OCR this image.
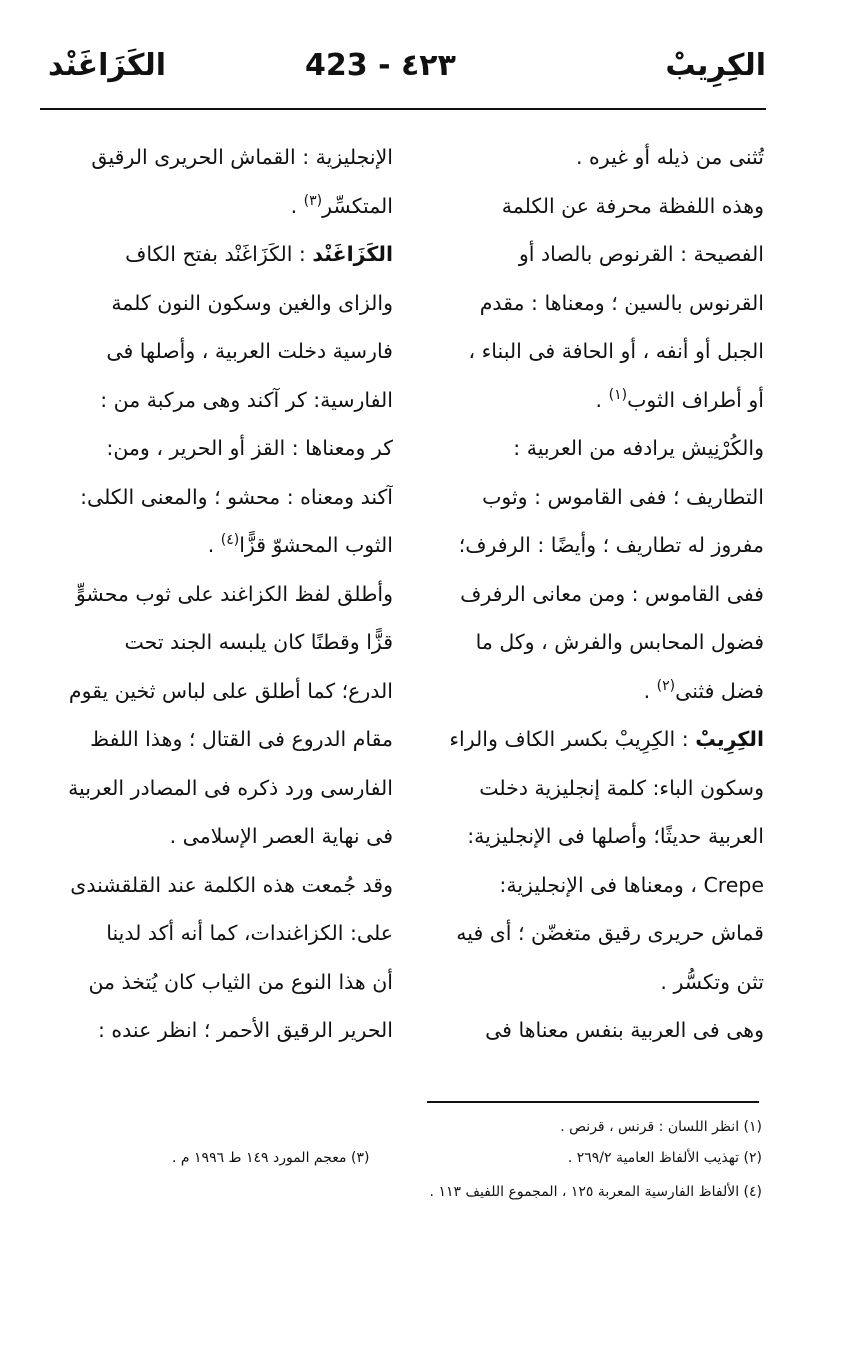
الكِرِيبْ
423 - ٤٢٣
الكَزَاغَنْد
تُثنى من ذيله أو غيره .
وهذه اللفظة محرفة عن الكلمة
الفصيحة : القرنوص بالصاد أو
القرنوس بالسين ؛ ومعناها : مقدم
الجبل أو أنفه ، أو الحافة فى البناء ،
أو أطراف الثوب$^{(١)}$ .
والكُرْنِيش يرادفه من العربية :
التطاريف ؛ ففى القاموس : وثوب
مفروز له تطاريف ؛ وأيضًا : الرفرف؛
ففى القاموس : ومن معانى الرفرف
فضول المحابس والفرش ، وكل ما
فضل فثنى$^{(٢)}$ .
الكِرِيبْ : الكِرِيبْ بكسر الكاف والراء
وسكون الباء: كلمة إنجليزية دخلت
العربية حديثًا؛ وأصلها فى الإنجليزية:
Crepe ، ومعناها فى الإنجليزية:
قماش حريرى رقيق متغضّن ؛ أى فيه
تثن وتكسُّر .
وهى فى العربية بنفس معناها فى
الإنجليزية : القماش الحريرى الرقيق
المتكسِّر$^{(٣)}$ .
الكَزَاغَنْد : الكَزَاغَنْد بفتح الكاف
والزاى والغين وسكون النون كلمة
فارسية دخلت العربية ، وأصلها فى
الفارسية: كر آكند وهى مركبة من :
كر ومعناها : القز أو الحرير ، ومن:
آكند ومعناه : محشو ؛ والمعنى الكلى:
الثوب المحشوّ قزًّا$^{(٤)}$ .
وأطلق لفظ الكزاغند على ثوب محشوٍّ
قزًّا وقطنًا كان يلبسه الجند تحت
الدرع؛ كما أطلق على لباس ثخين يقوم
مقام الدروع فى القتال ؛ وهذا اللفظ
الفارسى ورد ذكره فى المصادر العربية
فى نهاية العصر الإسلامى .
وقد جُمعت هذه الكلمة عند القلقشندى
على: الكزاغندات، كما أنه أكد لدينا
أن هذا النوع من الثياب كان يُتخذ من
الحرير الرقيق الأحمر ؛ انظر عنده :
(١) انظر اللسان : قرنس ، قرنص .
(٢) تهذيب الألفاظ العامية ٢٦٩/٢ .
(٣) معجم المورد ١٤٩ ط ١٩٩٦ م .
(٤) الألفاظ الفارسية المعربة ١٢٥ ، المجموع اللفيف ١١٣ .
